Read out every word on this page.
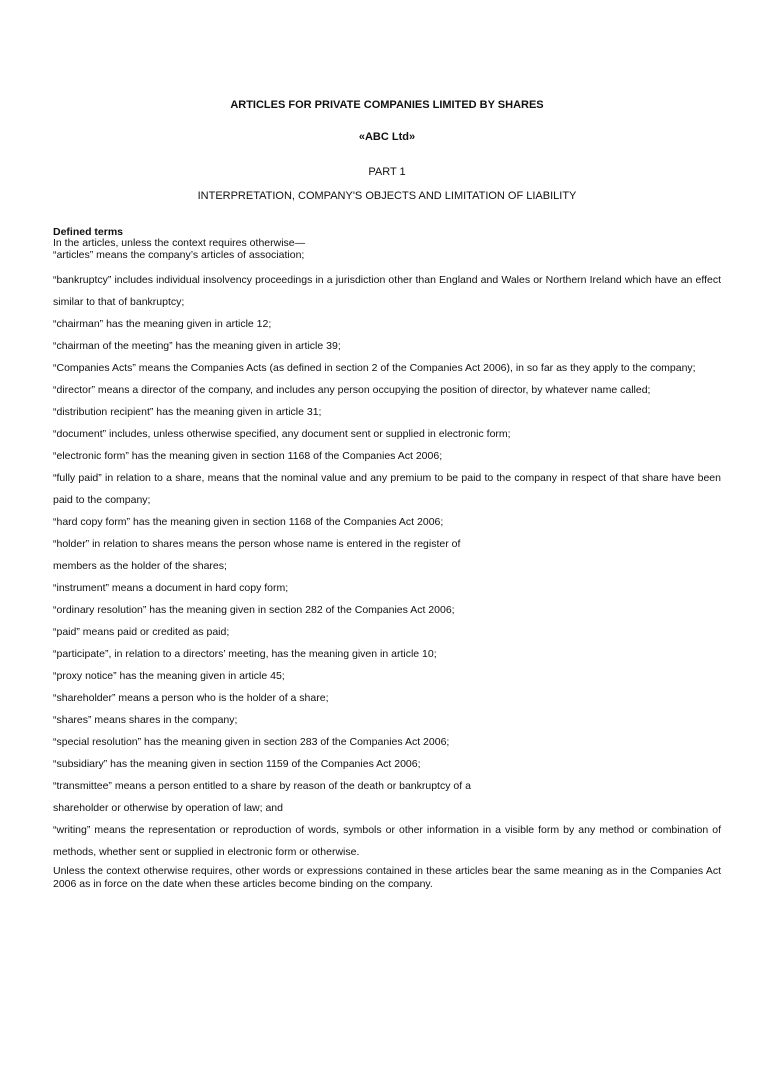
ARTICLES FOR PRIVATE COMPANIES LIMITED BY SHARES
«ABC Ltd»
PART 1
INTERPRETATION, COMPANY'S OBJECTS AND LIMITATION OF LIABILITY
Defined terms
In the articles, unless the context requires otherwise—
“articles” means the company’s articles of association;
“bankruptcy” includes individual insolvency proceedings in a jurisdiction other than England and Wales or Northern Ireland which have an effect similar to that of bankruptcy;
“chairman” has the meaning given in article 12;
“chairman of the meeting” has the meaning given in article 39;
“Companies Acts” means the Companies Acts (as defined in section 2 of the Companies Act 2006), in so far as they apply to the company;
“director” means a director of the company, and includes any person occupying the position of director, by whatever name called;
“distribution recipient” has the meaning given in article 31;
“document” includes, unless otherwise specified, any document sent or supplied in electronic form;
“electronic form” has the meaning given in section 1168 of the Companies Act 2006;
“fully paid” in relation to a share, means that the nominal value and any premium to be paid to the company in respect of that share have been paid to the company;
“hard copy form” has the meaning given in section 1168 of the Companies Act 2006;
“holder” in relation to shares means the person whose name is entered in the register of
members as the holder of the shares;
“instrument” means a document in hard copy form;
“ordinary resolution” has the meaning given in section 282 of the Companies Act 2006;
“paid” means paid or credited as paid;
“participate”, in relation to a directors’ meeting, has the meaning given in article 10;
“proxy notice” has the meaning given in article 45;
“shareholder” means a person who is the holder of a share;
“shares” means shares in the company;
“special resolution” has the meaning given in section 283 of the Companies Act 2006;
“subsidiary” has the meaning given in section 1159 of the Companies Act 2006;
“transmittee” means a person entitled to a share by reason of the death or bankruptcy of a
shareholder or otherwise by operation of law; and
“writing” means the representation or reproduction of words, symbols or other information in a visible form by any method or combination of methods, whether sent or supplied in electronic form or otherwise.
Unless the context otherwise requires, other words or expressions contained in these articles bear the same meaning as in the Companies Act 2006 as in force on the date when these articles become binding on the company.
